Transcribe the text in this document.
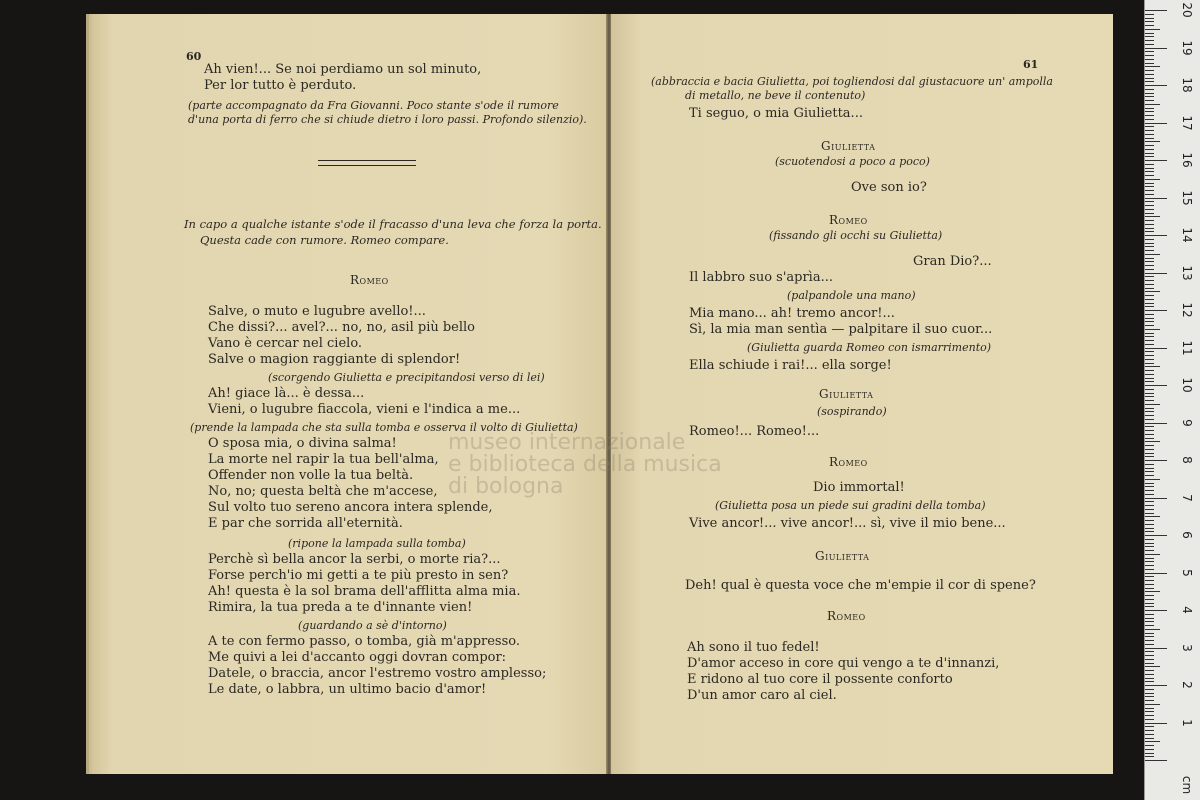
60
Ah vien!... Se noi perdiamo un sol minuto,
Per lor tutto è perduto.
(parte accompagnato da Fra Giovanni. Poco stante s'ode il rumore
d'una porta di ferro che si chiude dietro i loro passi. Profondo silenzio).
In capo a qualche istante s'ode il fracasso d'una leva che forza la porta.
Questa cade con rumore. Romeo compare.
Romeo
Salve, o muto e lugubre avello!...
Che dissi?... avel?... no, no, asil più bello
Vano è cercar nel cielo.
Salve o magion raggiante di splendor!
(scorgendo Giulietta e precipitandosi verso di lei)
Ah! giace là... è dessa...
Vieni, o lugubre fiaccola, vieni e l'indica a me...
(prende la lampada che sta sulla tomba e osserva il volto di Giulietta)
O sposa mia, o divina salma!
La morte nel rapir la tua bell'alma,
Offender non volle la tua beltà.
No, no; questa beltà che m'accese,
Sul volto tuo sereno ancora intera splende,
E par che sorrida all'eternità.
(ripone la lampada sulla tomba)
Perchè sì bella ancor la serbi, o morte ria?...
Forse perch'io mi getti a te più presto in sen?
Ah! questa è la sol brama dell'afflitta alma mia.
Rimira, la tua preda a te d'innante vien!
(guardando a sè d'intorno)
A te con fermo passo, o tomba, già m'appresso.
Me quivi a lei d'accanto oggi dovran compor:
Datele, o braccia, ancor l'estremo vostro amplesso;
Le date, o labbra, un ultimo bacio d'amor!
61
(abbraccia e bacia Giulietta, poi togliendosi dal giustacuore un' ampolla
di metallo, ne beve il contenuto)
Ti seguo, o mia Giulietta...
Giulietta
(scuotendosi a poco a poco)
Ove son io?
Romeo
(fissando gli occhi su Giulietta)
Gran Dio?...
Il labbro suo s'aprìa...
(palpandole una mano)
Mia mano... ah! tremo ancor!...
Sì, la mia man sentìa — palpitare il suo cuor...
(Giulietta guarda Romeo con ismarrimento)
Ella schiude i rai!... ella sorge!
Giulietta
(sospirando)
Romeo!... Romeo!...
Romeo
Dio immortal!
(Giulietta posa un piede sui gradini della tomba)
Vive ancor!... vive ancor!... sì, vive il mio bene...
Giulietta
Deh! qual è questa voce che m'empie il cor di spene?
Romeo
Ah sono il tuo fedel!
D'amor acceso in core qui vengo a te d'innanzi,
E ridono al tuo core il possente conforto
D'un amor caro al ciel.
museo internazionale
e biblioteca della musica
di bologna
1
2
3
4
5
6
7
8
9
10
11
12
13
14
15
16
17
18
19
20
cm
